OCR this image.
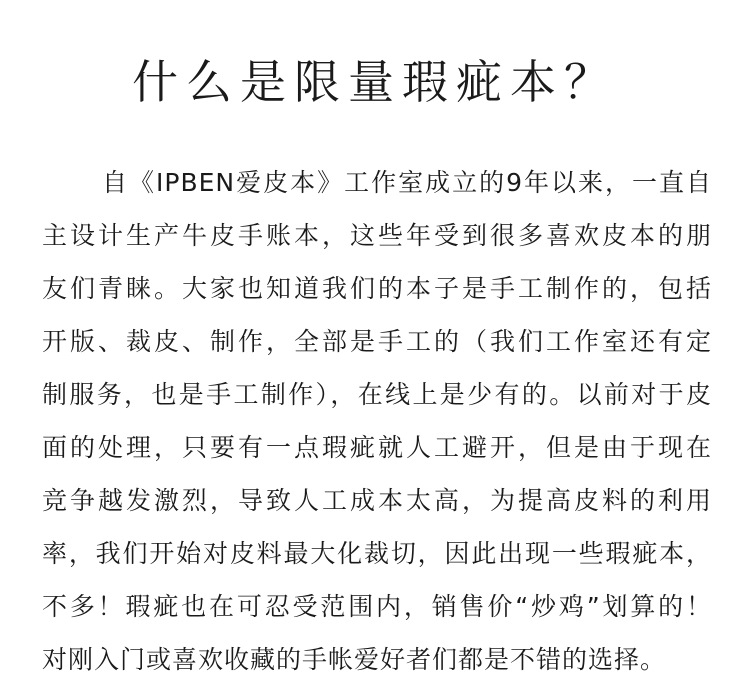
什么是限量瑕疵本？
自《IPBEN爱皮本》工作室成立的9年以来，一直自
主设计生产牛皮手账本，这些年受到很多喜欢皮本的朋
友们青睐。大家也知道我们的本子是手工制作的，包括
开版、裁皮、制作，全部是手工的（我们工作室还有定
制服务，也是手工制作），在线上是少有的。以前对于皮
面的处理，只要有一点瑕疵就人工避开，但是由于现在
竞争越发激烈，导致人工成本太高，为提高皮料的利用
率，我们开始对皮料最大化裁切，因此出现一些瑕疵本，
不多！瑕疵也在可忍受范围内，销售价“炒鸡”划算的！
对刚入门或喜欢收藏的手帐爱好者们都是不错的选择。
